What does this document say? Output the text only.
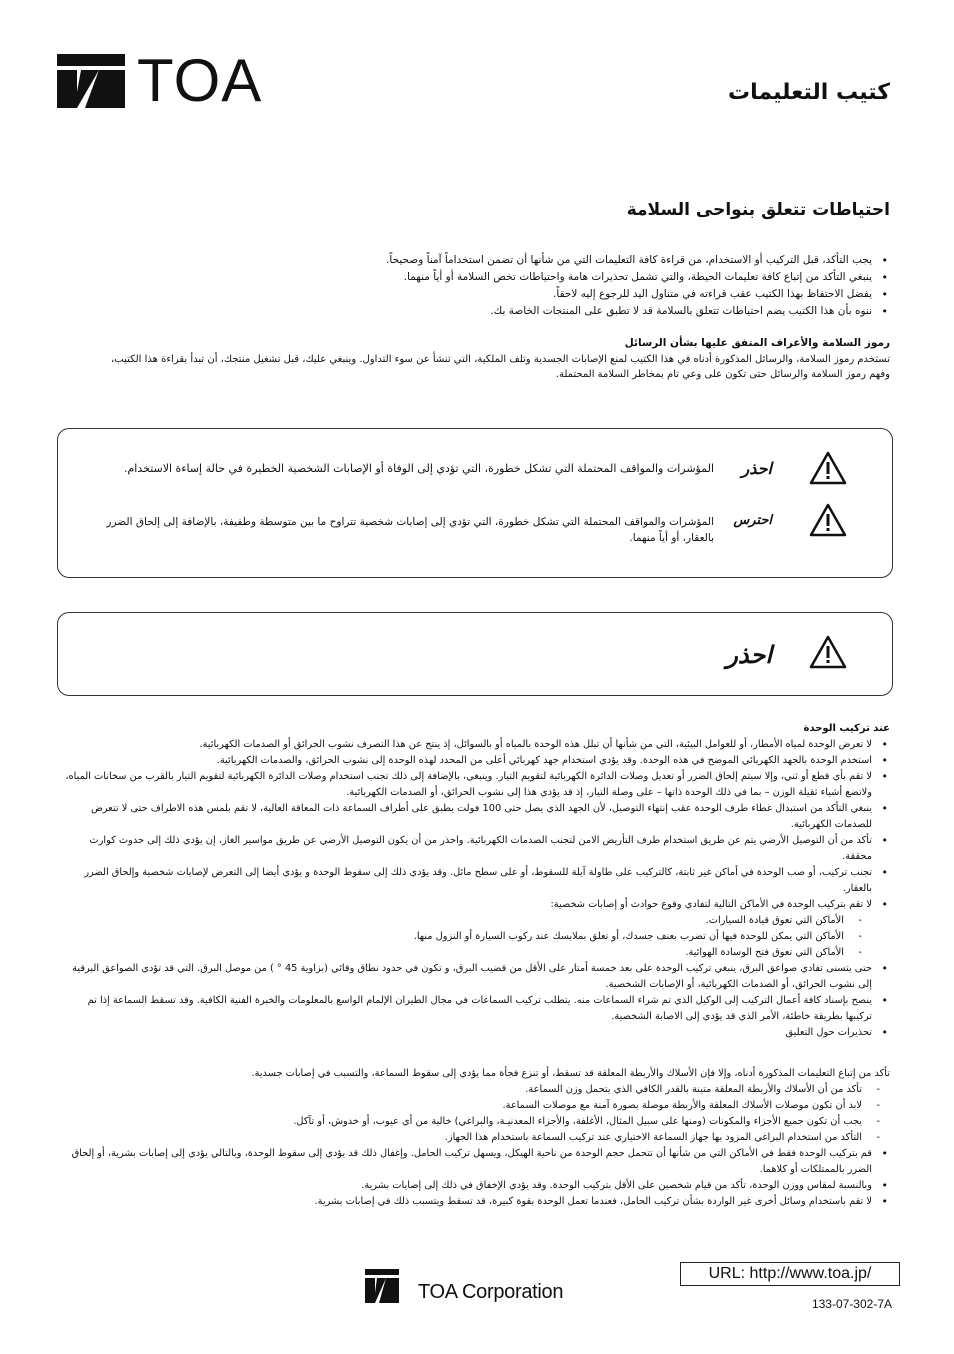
TOA	كتيب التعليمات
احتياطات تتعلق بنواحى السلامة
• يجب التأكد، قبل التركيب أو الاستخدام، من قراءة كافة التعليمات التي من شأنها أن تضمن استخداماً آمناً وصحيحاً.
• ينبغي التأكد من إتباع كافة تعليمات الحيطة، والتي تشمل تحذيرات هامة واحتياطات تخص السلامة أو أياً منهما.
• يفضل الاحتفاظ بهذا الكتيب عقب قراءته في متناول اليد للرجوع إليه لاحقاً.
• ننوه بأن هذا الكتيب يضم احتياطات تتعلق بالسلامة قد لا تطبق على المنتجات الخاصة بك.
رموز السلامة والأعراف المتفق عليها بشأن الرسائل
تستخدم رموز السلامة، والرسائل المذكورة أدناه في هذا الكتيب لمنع الإصابات الجسدية وتلف الملكية، التي تنشأ عن سوء التداول. وينبغي عليك، قبل تشغيل منتجك، أن تبدأ بقراءة هذا الكتيب، وفهم رموز السلامة والرسائل حتى تكون على وعي تام بمخاطر السلامة المحتملة.
احذر
المؤشرات والمواقف المحتملة التي تشكل خطورة، التي تؤدي إلى الوفاة أو الإصابات الشخصية الخطيرة في حالة إساءة الاستخدام.
احترس
المؤشرات والمواقف المحتملة التي تشكل خطورة، التي تؤدي إلى إصابات شخصية تتراوح ما بين متوسطة وطفيفة، بالإضافة إلى إلحاق الضرر بالعقار، أو أياً منهما.
احذر
عند تركيب الوحدة
• لا تعرض الوحدة لمياه الأمطار، أو للعوامل البيئية، التي من شأنها أن تبلل هذه الوحدة بالمياه أو بالسوائل، إذ ينتج عن هذا التصرف نشوب الحرائق أو الصدمات الكهربائية.
• استخدم الوحدة بالجهد الكهربائي الموضح في هذه الوحدة. وقد يؤدي استخدام جهد كهربائي أعلى من المحدد لهذه الوحدة إلى نشوب الحرائق، والصدمات الكهربائية.
• لا تقم بأي قطع أو ثني، وإلا سيتم إلحاق الضرر أو تعديل وصلات الدائرة الكهربائية لتقويم التيار. وينبغي، بالإضافة إلى ذلك تجنب استخدام وصلات الدائرة الكهربائية لتقويم التيار بالقرب من سخانات المياه، ولاتضع أشياء ثقيلة الوزن – بما في ذلك الوحدة ذاتها – على وصلة التيار، إذ قد يؤدي هذا إلى نشوب الحرائق، أو الصدمات الكهربائية.
• ينبغي التأكد من استبدال غطاء طرف الوحدة عقب إنتهاء التوصيل، لأن الجهد الذي يصل حتى 100 فولت يطبق على أطراف السماعة ذات المعاقة العالية، لا تقم بلمس هذه الاطراف حتى لا تتعرض للصدمات الكهربائية.
• تأكد من أن التوصيل الأرضي يتم عن طريق استخدام طرف التأريض الامن لتجنب الصدمات الكهربائية. واحذر من أن يكون التوصيل الأرضي عن طريق مواسير الغاز، إن يؤدي ذلك إلى حدوث كوارث محققة.
• تجنب تركيب، أو صب الوحدة في أماكن غير ثابتة، كالتركيب على طاولة آيلة للسقوط، أو على سطح مائل. وقد يؤدي ذلك إلى سقوط الوحدة و يؤدي أيضا إلى التعرض لإصابات شخصية وإلحاق الضرر بالعقار.
• لا تقم بتركيب الوحدة في الأماكن التالية لتفادي وقوع حوادث أو إصابات شخصية:
- الأماكن التي تعوق قيادة السيارات.
- الأماكن التي يمكن للوحدة فيها أن تضرب بعنف جسدك، أو تعلق بملابسك عند ركوب السيارة أو النزول منها.
- الأماكن التي تعوق فتح الوسادة الهوائية.
• حتى يتسنى تفادي صواعق البرق، ينبغي تركيب الوحدة على بعد خمسة أمتار على الأقل من قضيب البرق، و تكون في حدود نطاق وقائي (بزاوية 45 ° ) من موصل البرق. التي قد تؤدي الصواعق البرقية إلى نشوب الحرائق، أو الصدمات الكهربائية، أو الإصابات الشخصية.
• ينصح بإسناد كافة أعمال التركيب إلى الوكيل الذي تم شراء السماعات منه. يتطلب تركيب السماعات في مجال الطيران الإلمام الواسع بالمعلومات والخبرة الفنية الكافية. وقد تسقط السماعة إذا تم تركيبها بطريقة خاطئة، الأمر الذي قد يؤدي إلى الاصابة الشخصية.
• تحذيرات حول التعليق
تأكد من إتباع التعليمات المذكورة أدناه، وإلا فإن الأسلاك والأربطة المعلقة قد تسقط، أو تنزع فجأة مما يؤدي إلى سقوط السماعة، والتسبب في إصابات جسدية.
- تأكد من أن الأسلاك والأربطة المعلقة متينة بالقدر الكافي الذي يتحمل وزن السماعة.
- لابد أن تكون موصلات الأسلاك المعلقة والأربطة موصلة بصورة آمنة مع موصلات السماعة.
- يجب أن تكون جميع الأجزاء والمكونات (ومنها على سبيل المثال، الأغلفة، والأجزاء المعدنيـة، والبراغي) خالية من أي عيوب، أو خدوش، أو تآكل.
- التأكد من استخدام البراغي المزود بها جهاز السماعة الاختياري عند تركيب السماعة باستخدام هذا الجهاز.
• قم بتركيب الوحدة فقط في الأماكن التي من شأنها أن تتحمل حجم الوحدة من ناحية الهيكل، ويسهل تركيب الحامل. وإغفال ذلك قد يؤدي إلى سقوط الوحدة، وبالتالي يؤدي إلى إصابات بشرية، أو إلحاق الضرر بالممتلكات أو كلاهما.
• وبالنسبة لمقاس ووزن الوحدة، تأكد من قيام شخصين على الأقل بتركيب الوحدة. وقد يؤدي الإخفاق في ذلك إلى إصابات بشرية.
• لا تقم باستخدام وسائل أخرى غير الواردة بشأن تركيب الحامل، فعندما تعمل الوحدة بقوة كبيرة، قد تسقط ويتسبب ذلك في إصابات بشرية.
TOA Corporation
URL: http://www.toa.jp/
133-07-302-7A
